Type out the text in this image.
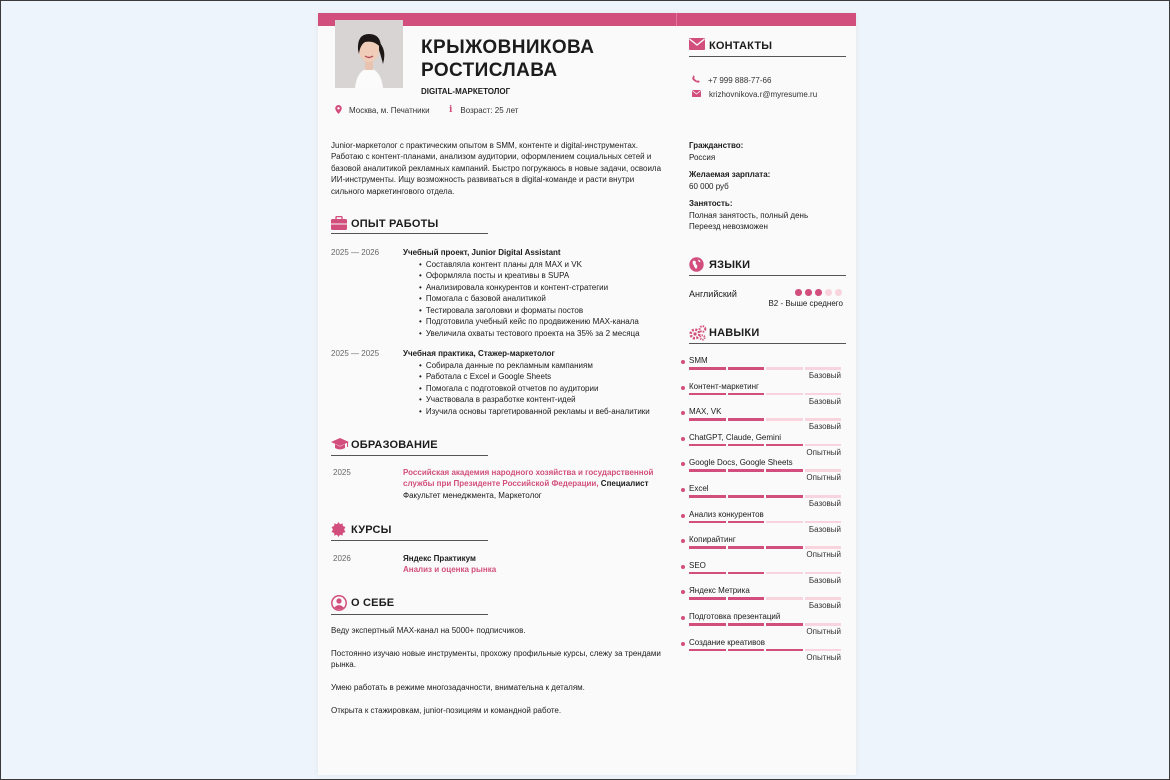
КРЫЖОВНИКОВА
РОСТИСЛАВА
DIGITAL-МАРКЕТОЛОГ
Москва, м. Печатники i Возраст: 25 лет
Junior-маркетолог с практическим опытом в SMM, контенте и digital-инструментах. Работаю с контент-планами, анализом аудитории, оформлением социальных сетей и базовой аналитикой рекламных кампаний. Быстро погружаюсь в новые задачи, освоила ИИ-инструменты. Ищу возможность развиваться в digital-команде и расти внутри сильного маркетингового отдела.
ОПЫТ РАБОТЫ
2025 — 2026	Учебный проект, Junior Digital Assistant
• Составляла контент планы для MAX и VK
• Оформляла посты и креативы в SUPA
• Анализировала конкурентов и контент-стратегии
• Помогала с базовой аналитикой
• Тестировала заголовки и форматы постов
• Подготовила учебный кейс по продвижению MAX-канала
• Увеличила охваты тестового проекта на 35% за 2 месяца
2025 — 2025	Учебная практика, Стажер-маркетолог
• Собирала данные по рекламным кампаниям
• Работала с Excel и Google Sheets
• Помогала с подготовкой отчетов по аудитории
• Участвовала в разработке контент-идей
• Изучила основы таргетированной рекламы и веб-аналитики
ОБРАЗОВАНИЕ
2025	Российская академия народного хозяйства и государственной службы при Президенте Российской Федерации, Специалист
Факультет менеджмента, Маркетолог
КУРСЫ
2026	Яндекс Практикум
Анализ и оценка рынка
О СЕБЕ

Веду экспертный MAX-канал на 5000+ подписчиков.

Постоянно изучаю новые инструменты, прохожу профильные курсы, слежу за трендами рынка.

Умею работать в режиме многозадачности, внимательна к деталям.

Открыта к стажировкам, junior-позициям и командной работе.

КОНТАКТЫ
+7 999 888-77-66
krizhovnikova.r@myresume.ru
Гражданство:
Россия
Желаемая зарплата:
60 000 руб
Занятость:
Полная занятость, полный день
Переезд невозможен
ЯЗЫКИ
Английский
B2 - Выше среднего
НАВЫКИ
SMM
Базовый
Контент-маркетинг
Базовый
MAX, VK
Базовый
ChatGPT, Claude, Gemini
Опытный
Google Docs, Google Sheets
Опытный
Excel
Базовый
Анализ конкурентов
Базовый
Копирайтинг
Опытный
SEO
Базовый
Яндекс Метрика
Базовый
Подготовка презентаций
Опытный
Создание креативов
Опытный
